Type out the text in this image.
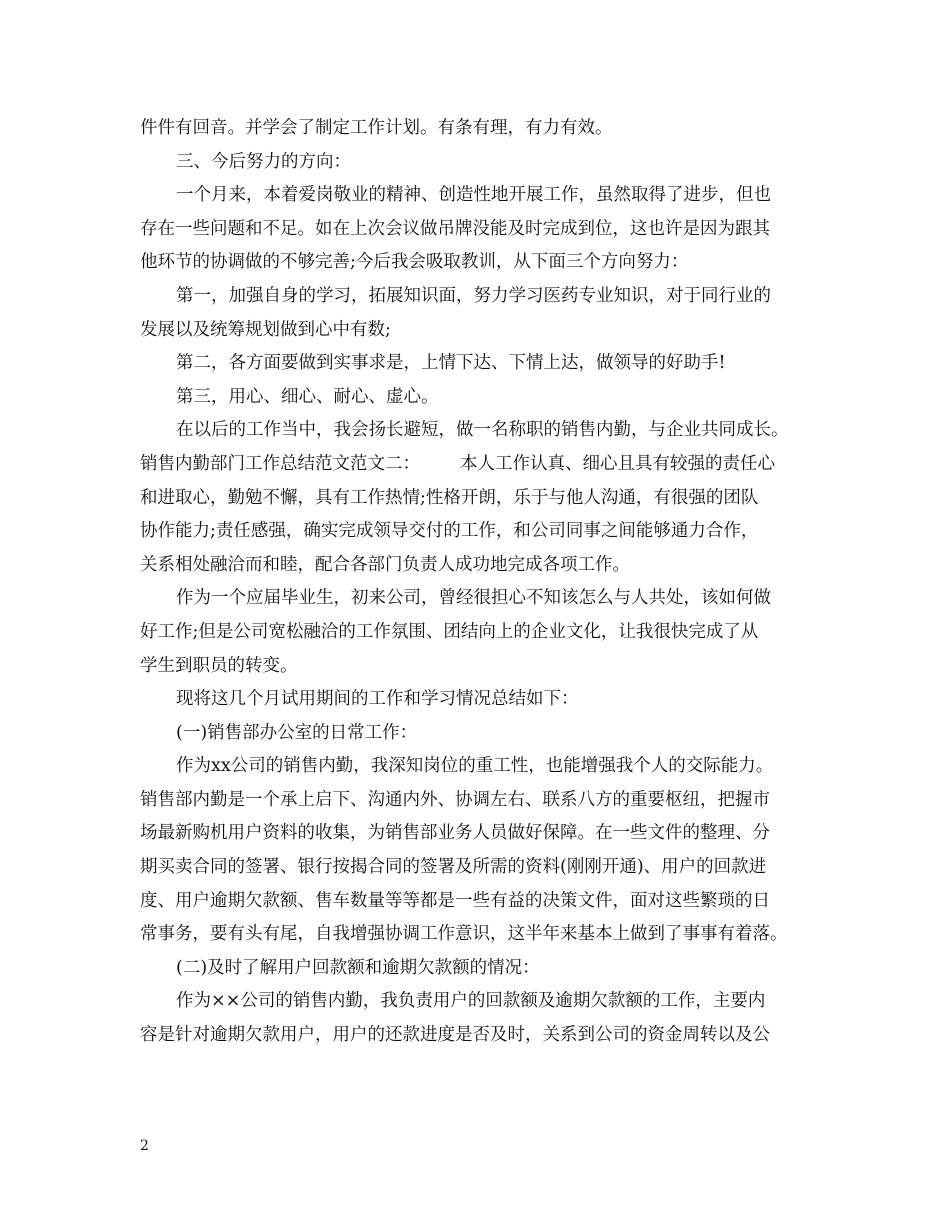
件件有回音。并学会了制定工作计划。有条有理，有力有效。
三、今后努力的方向：
一个月来，本着爱岗敬业的精神、创造性地开展工作，虽然取得了进步，但也
存在一些问题和不足。如在上次会议做吊牌没能及时完成到位，这也许是因为跟其
他环节的协调做的不够完善;今后我会吸取教训，从下面三个方向努力：
第一，加强自身的学习，拓展知识面，努力学习医药专业知识，对于同行业的
发展以及统筹规划做到心中有数;
第二，各方面要做到实事求是，上情下达、下情上达，做领导的好助手!
第三，用心、细心、耐心、虚心。
在以后的工作当中，我会扬长避短，做一名称职的销售内勤，与企业共同成长。
销售内勤部门工作总结范文范文二： 本人工作认真、细心且具有较强的责任心
和进取心，勤勉不懈，具有工作热情;性格开朗，乐于与他人沟通，有很强的团队
协作能力;责任感强，确实完成领导交付的工作，和公司同事之间能够通力合作，
关系相处融洽而和睦，配合各部门负责人成功地完成各项工作。
作为一个应届毕业生，初来公司，曾经很担心不知该怎么与人共处，该如何做
好工作;但是公司宽松融洽的工作氛围、团结向上的企业文化，让我很快完成了从
学生到职员的转变。
现将这几个月试用期间的工作和学习情况总结如下：
(一)销售部办公室的日常工作：
作为xx公司的销售内勤，我深知岗位的重工性，也能增强我个人的交际能力。
销售部内勤是一个承上启下、沟通内外、协调左右、联系八方的重要枢纽，把握市
场最新购机用户资料的收集，为销售部业务人员做好保障。在一些文件的整理、分
期买卖合同的签署、银行按揭合同的签署及所需的资料(刚刚开通)、用户的回款进
度、用户逾期欠款额、售车数量等等都是一些有益的决策文件，面对这些繁琐的日
常事务，要有头有尾，自我增强协调工作意识，这半年来基本上做到了事事有着落。
(二)及时了解用户回款额和逾期欠款额的情况：
作为××公司的销售内勤，我负责用户的回款额及逾期欠款额的工作，主要内
容是针对逾期欠款用户，用户的还款进度是否及时，关系到公司的资金周转以及公
2
